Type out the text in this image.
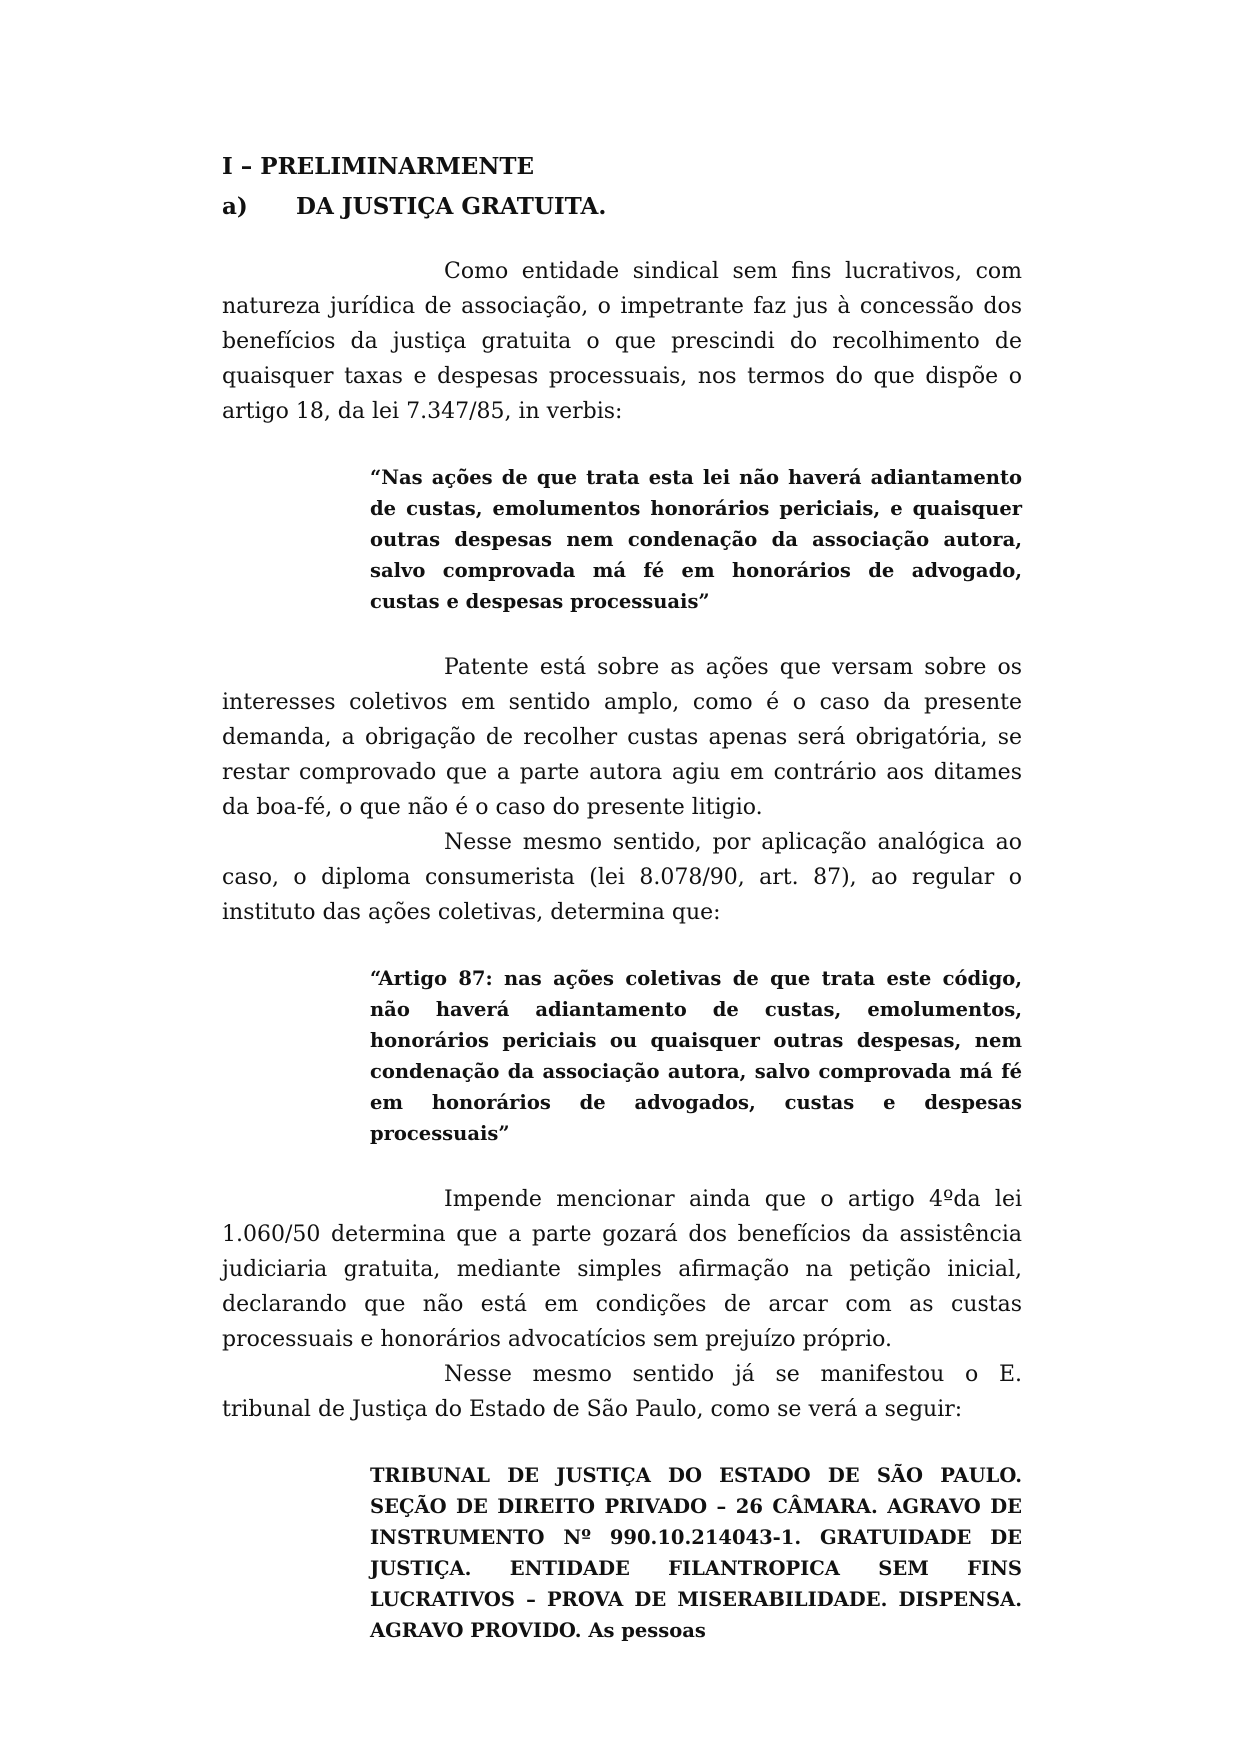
I – PRELIMINARMENTE

a)	DA JUSTIÇA GRATUITA.

Como entidade sindical sem fins lucrativos, com natureza jurídica de associação, o impetrante faz jus à concessão dos benefícios da justiça gratuita o que prescindi do recolhimento de quaisquer taxas e despesas processuais, nos termos do que dispõe o artigo 18, da lei 7.347/85, in verbis:

“Nas ações de que trata esta lei não haverá adiantamento de custas, emolumentos honorários periciais, e quaisquer outras despesas nem condenação da associação autora, salvo comprovada má fé em honorários de advogado, custas e despesas processuais”

Patente está sobre as ações que versam sobre os interesses coletivos em sentido amplo, como é o caso da presente demanda, a obrigação de recolher custas apenas será obrigatória, se restar comprovado que a parte autora agiu em contrário aos ditames da boa-fé, o que não é o caso do presente litigio.

Nesse mesmo sentido, por aplicação analógica ao caso, o diploma consumerista (lei 8.078/90, art. 87), ao regular o instituto das ações coletivas, determina que:

“Artigo 87: nas ações coletivas de que trata este código, não haverá adiantamento de custas, emolumentos, honorários periciais ou quaisquer outras despesas, nem condenação da associação autora, salvo comprovada má fé em honorários de advogados, custas e despesas processuais”

Impende mencionar ainda que o artigo 4ºda lei 1.060/50 determina que a parte gozará dos benefícios da assistência judiciaria gratuita, mediante simples afirmação na petição inicial, declarando que não está em condições de arcar com as custas processuais e honorários advocatícios sem prejuízo próprio.

Nesse mesmo sentido já se manifestou o E. tribunal de Justiça do Estado de São Paulo, como se verá a seguir:

TRIBUNAL DE JUSTIÇA DO ESTADO DE SÃO PAULO. SEÇÃO DE DIREITO PRIVADO – 26 CÂMARA. AGRAVO DE INSTRUMENTO Nº 990.10.214043-1. GRATUIDADE DE JUSTIÇA. ENTIDADE FILANTROPICA SEM FINS LUCRATIVOS – PROVA DE MISERABILIDADE. DISPENSA. AGRAVO PROVIDO. As pessoas
